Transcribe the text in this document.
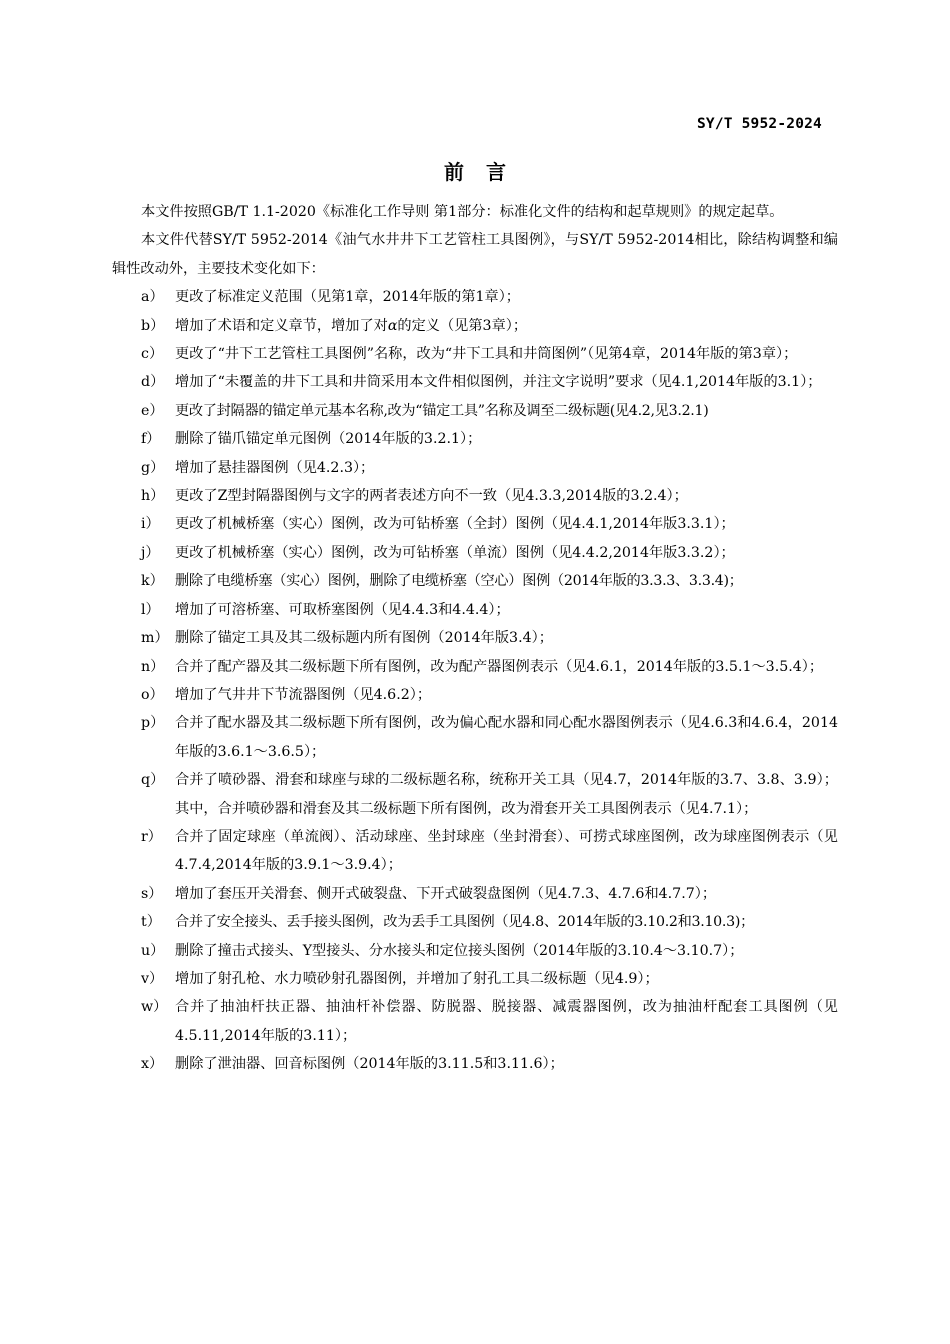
SY/T 5952-2024
前言

本文件按照GB/T 1.1-2020《标准化工作导则 第1部分：标准化文件的结构和起草规则》的规定起草。

本文件代替SY/T 5952-2014《油气水井井下工艺管柱工具图例》，与SY/T 5952-2014相比，除结构调整和编辑性改动外，主要技术变化如下：

a） 更改了标准定义范围（见第1章，2014年版的第1章）；
b） 增加了术语和定义章节，增加了对α的定义（见第3章）；
c） 更改了“井下工艺管柱工具图例”名称，改为“井下工具和井筒图例”（见第4章，2014年版的第3章）；
d） 增加了“未覆盖的井下工具和井筒采用本文件相似图例，并注文字说明”要求（见4.1,2014年版的3.1）；
e） 更改了封隔器的锚定单元基本名称,改为“锚定工具”名称及调至二级标题(见4.2,见3.2.1)
f）	删除了锚爪锚定单元图例（2014年版的3.2.1）；
g） 增加了悬挂器图例（见4.2.3）；
h） 更改了Z型封隔器图例与文字的两者表述方向不一致（见4.3.3,2014版的3.2.4）；
i）	更改了机械桥塞（实心）图例，改为可钻桥塞（全封）图例（见4.4.1,2014年版3.3.1）；
j）	更改了机械桥塞（实心）图例，改为可钻桥塞（单流）图例（见4.4.2,2014年版3.3.2）；
k） 删除了电缆桥塞（实心）图例，删除了电缆桥塞（空心）图例（2014年版的3.3.3、3.3.4)；
l）	增加了可溶桥塞、可取桥塞图例（见4.4.3和4.4.4）；
m） 删除了锚定工具及其二级标题内所有图例（2014年版3.4）；
n） 合并了配产器及其二级标题下所有图例，改为配产器图例表示（见4.6.1，2014年版的3.5.1～3.5.4）；
o） 增加了气井井下节流器图例（见4.6.2）；
p） 合并了配水器及其二级标题下所有图例，改为偏心配水器和同心配水器图例表示（见4.6.3和4.6.4，2014年版的3.6.1～3.6.5）；
q） 合并了喷砂器、滑套和球座与球的二级标题名称，统称开关工具（见4.7，2014年版的3.7、3.8、3.9）；其中，合并喷砂器和滑套及其二级标题下所有图例，改为滑套开关工具图例表示（见4.7.1）；
r） 合并了固定球座（单流阀）、活动球座、坐封球座（坐封滑套）、可捞式球座图例，改为球座图例表示（见4.7.4,2014年版的3.9.1～3.9.4）；
s） 增加了套压开关滑套、侧开式破裂盘、下开式破裂盘图例（见4.7.3、4.7.6和4.7.7）；
t） 合并了安全接头、丢手接头图例，改为丢手工具图例（见4.8、2014年版的3.10.2和3.10.3)；
u） 删除了撞击式接头、Y型接头、分水接头和定位接头图例（2014年版的3.10.4～3.10.7）；
v） 增加了射孔枪、水力喷砂射孔器图例，并增加了射孔工具二级标题（见4.9）；
w） 合并了抽油杆扶正器、抽油杆补偿器、防脱器、脱接器、减震器图例，改为抽油杆配套工具图例（见4.5.11,2014年版的3.11）；
x） 删除了泄油器、回音标图例（2014年版的3.11.5和3.11.6）；
